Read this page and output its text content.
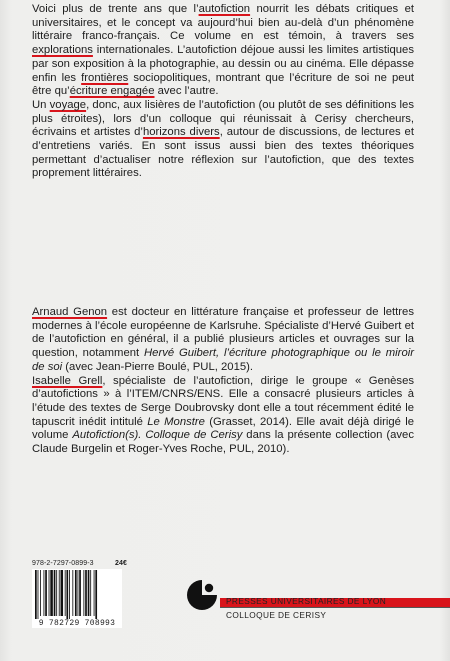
Voici plus de trente ans que l’autofiction nourrit les débats critiques et universitaires, et le concept va aujourd’hui bien au-delà d’un phénomène littéraire franco-français. Ce volume en est témoin, à travers ses explorations internationales. L’autofiction déjoue aussi les limites artistiques par son exposition à la photographie, au dessin ou au cinéma. Elle dépasse enfin les frontières sociopolitiques, montrant que l’écriture de soi ne peut être qu’écriture engagée avec l’autre.

Un voyage, donc, aux lisières de l’autofiction (ou plutôt de ses définitions les plus étroites), lors d’un colloque qui réunissait à Cerisy chercheurs, écrivains et artistes d’horizons divers, autour de discussions, de lectures et d’entretiens variés. En sont issus aussi bien des textes théoriques permettant d’actualiser notre réflexion sur l’autofiction, que des textes proprement littéraires.

Arnaud Genon est docteur en littérature française et professeur de lettres modernes à l’école européenne de Karlsruhe. Spécialiste d’Hervé Guibert et de l’autofiction en général, il a publié plusieurs articles et ouvrages sur la question, notamment Hervé Guibert, l’écriture photographique ou le miroir de soi (avec Jean-Pierre Boulé, PUL, 2015).

Isabelle Grell, spécialiste de l’autofiction, dirige le groupe « Genèses d’autofictions » à l’ITEM/CNRS/ENS. Elle a consacré plusieurs articles à l’étude des textes de Serge Doubrovsky dont elle a tout récemment édité le tapuscrit inédit intitulé Le Monstre (Grasset, 2014). Elle avait déjà dirigé le volume Autofiction(s). Colloque de Cerisy dans la présente collection (avec Claude Burgelin et Roger-Yves Roche, PUL, 2010).

978-2-7297-0899-3	24€
9 782729 708993
PRESSES UNIVERSITAIRES DE LYON
COLLOQUE DE CERISY
